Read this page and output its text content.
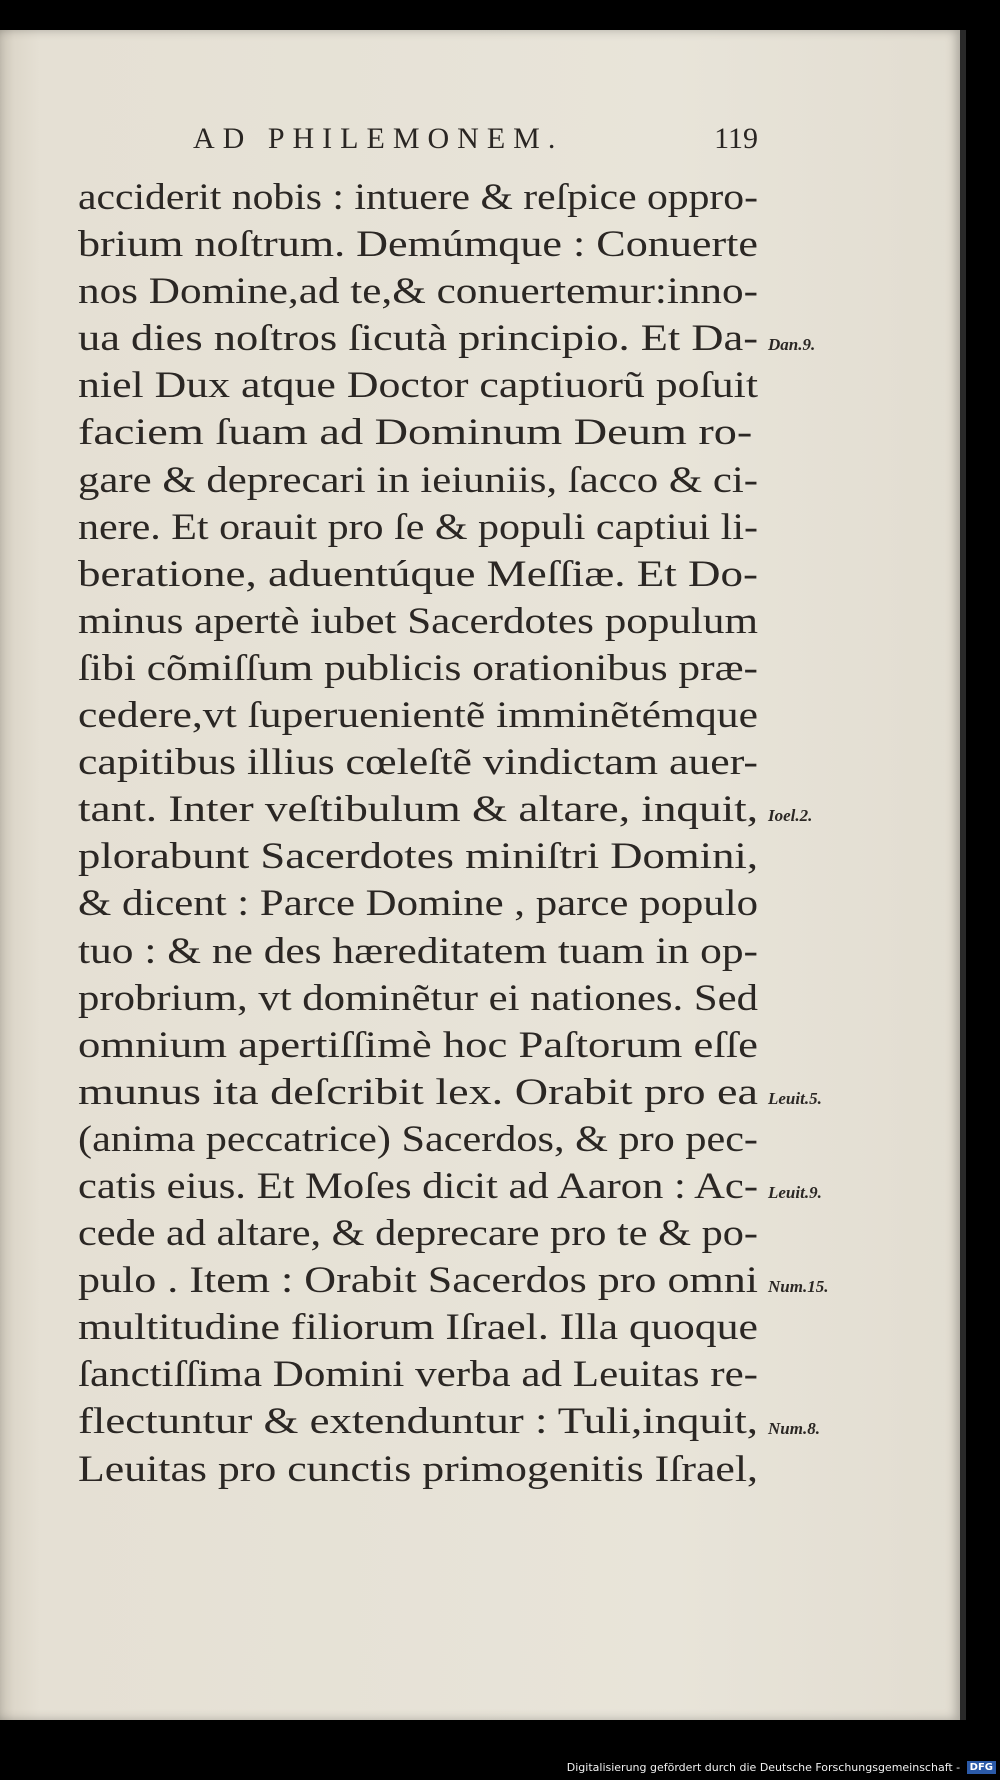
AD PHILEMONEM.	119
acciderit nobis : intuere & reſpice oppro-
brium noſtrum. Demúmque : Conuerte
nos Domine,ad te,& conuertemur:inno-
ua dies noſtros ſicutà principio. Et Da-
niel Dux atque Doctor captiuorũ poſuit
faciem ſuam ad Dominum Deum ro-
gare & deprecari in ieiuniis, ſacco & ci-
nere. Et orauit pro ſe & populi captiui li-
beratione, aduentúque Meſſiæ. Et Do-
minus apertè iubet Sacerdotes populum
ſibi cõmiſſum publicis orationibus præ-
cedere,vt ſuperuenientẽ imminẽtémque
capitibus illius cœleſtẽ vindictam auer-
tant. Inter veſtibulum & altare, inquit,
plorabunt Sacerdotes miniſtri Domini,
& dicent : Parce Domine , parce populo
tuo : & ne des hæreditatem tuam in op-
probrium, vt dominẽtur ei nationes. Sed
omnium apertiſſimè hoc Paſtorum eſſe
munus ita deſcribit lex. Orabit pro ea
(anima peccatrice) Sacerdos, & pro pec-
catis eius. Et Moſes dicit ad Aaron : Ac-
cede ad altare, & deprecare pro te & po-
pulo . Item : Orabit Sacerdos pro omni
multitudine filiorum Iſrael. Illa quoque
ſanctiſſima Domini verba ad Leuitas re-
flectuntur & extenduntur : Tuli,inquit,
Leuitas pro cunctis primogenitis Iſrael,
Dan.9.
Ioel.2.
Leuit.5.
Leuit.9.
Num.15.
Num.8.
Digitalisierung gefördert durch die Deutsche Forschungsgemeinschaft - DFG
